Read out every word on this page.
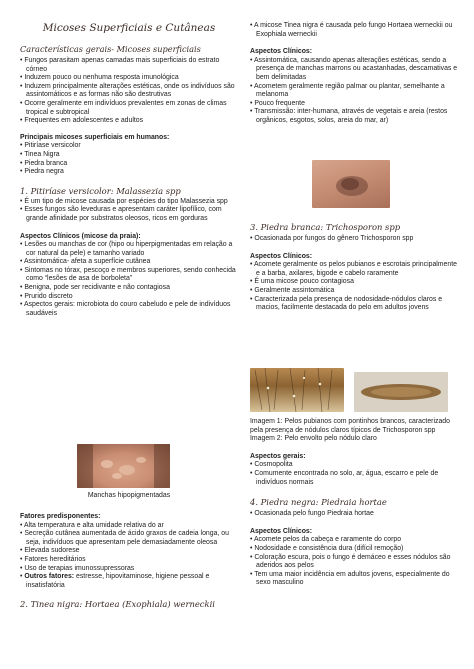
Micoses Superficiais e Cutâneas
Características gerais- Micoses superficiais
• Fungos parasitam apenas camadas mais superficiais do estrato córneo
• Induzem pouco ou nenhuma resposta imunológica
• Induzem principalmente alterações estéticas, onde os indivíduos são assintomáticos e as formas não são destrutivas
• Ocorre geralmente em indivíduos prevalentes em zonas de climas tropical e subtropical
• Frequentes em adolescentes e adultos
Principais micoses superficiais em humanos:
• Pitiríase versicolor
• Tinea Nigra
• Piedra branca
• Piedra negra
1. Pitiríase versicolor: Malassezia spp
• É um tipo de micose causada por espécies do tipo Malassezia spp
• Esses fungos são leveduras e apresentam caráter lipofílico, com grande afinidade por substratos oleosos, ricos em gorduras
Aspectos Clínicos (micose da praia):
• Lesões ou manchas de cor (hipo ou hiperpigmentadas em relação a cor natural da pele) e tamanho variado
• Assintomática- afeta a superfície cutânea
• Sintomas no tórax, pescoço e membros superiores, sendo conhecida como “lesões de asa de borboleta”
• Benigna, pode ser recidivante e não contagiosa
• Prurido discreto
• Aspectos gerais: microbiota do couro cabeludo e pele de indivíduos saudáveis
Manchas hipopigmentadas
Fatores predisponentes:
• Alta temperatura e alta umidade relativa do ar
• Secreção cutânea aumentada de ácido graxos de cadeia longa, ou seja, indivíduos que apresentam pele demasiadamente oleosa
• Elevada sudorese
• Fatores hereditários
• Uso de terapias imunossupressoras
• Outros fatores: estresse, hipovitaminose, higiene pessoal e insatisfatória
2. Tinea nigra: Hortaea (Exophiala) werneckii
• A micose Tinea nigra é causada pelo fungo Hortaea werneckii ou Exophiala werneckii
Aspectos Clínicos:
• Assintomática, causando apenas alterações estéticas, sendo a presença de manchas marrons ou acastanhadas, descamativas e bem delimitadas
• Acometem geralmente região palmar ou plantar, semelhante a melanoma
• Pouco frequente
• Transmissão: inter-humana, através de vegetais e areia (restos orgânicos, esgotos, solos, areia do mar, ar)
3. Piedra branca: Trichosporon spp
• Ocasionada por fungos do gênero Trichosporon spp
Aspectos Clínicos:
• Acomete geralmente os pelos pubianos e escrotais principalmente e a barba, axilares, bigode e cabelo raramente
• É uma micose pouco contagiosa
• Geralmente assintomática
• Caracterizada pela presença de nodosidade-nódulos claros e macios, facilmente destacada do pelo em adultos jovens
Imagem 1: Pelos pubianos com pontinhos brancos, caracterizado pela presença de nódulos claros típicos de Trichosporon spp
Imagem 2: Pelo envolto pelo nódulo claro
Aspectos gerais:
• Cosmopolita
• Comumente encontrada no solo, ar, água, escarro e pele de indivíduos normais
4. Piedra negra: Piedraia hortae
• Ocasionada pelo fungo Piedraia hortae
Aspectos Clínicos:
• Acomete pelos da cabeça e raramente do corpo
• Nodosidade e consistência dura (difícil remoção)
• Coloração escura, pois o fungo é demáceo e esses nódulos são aderidos aos pelos
• Tem uma maior incidência em adultos jovens, especialmente do sexo masculino
